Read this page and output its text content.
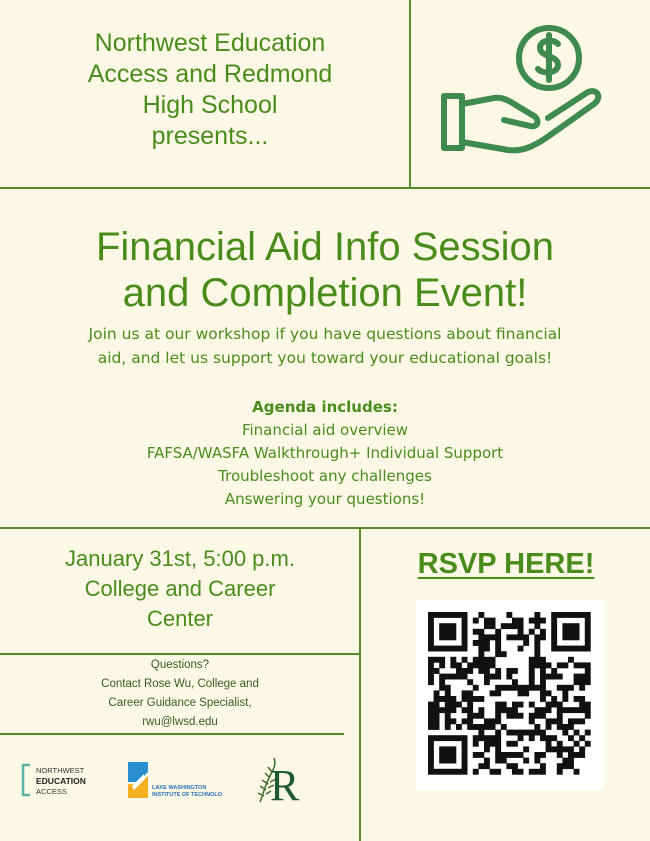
Northwest Education
Access and Redmond
High School
presents...
Financial Aid Info Session
and Completion Event!
Join us at our workshop if you have questions about financial
aid, and let us support you toward your educational goals!
Agenda includes:
Financial aid overview
FAFSA/WASFA Walkthrough+ Individual Support
Troubleshoot any challenges
Answering your questions!
January 31st, 5:00 p.m.
College and Career
Center
Questions?
Contact Rose Wu, College and
Career Guidance Specialist,
rwu@lwsd.edu
RSVP HERE!
NORTHWEST
EDUCATION
ACCESS	LAKE WASHINGTON
INSTITUTE OF TECHNOLO R
